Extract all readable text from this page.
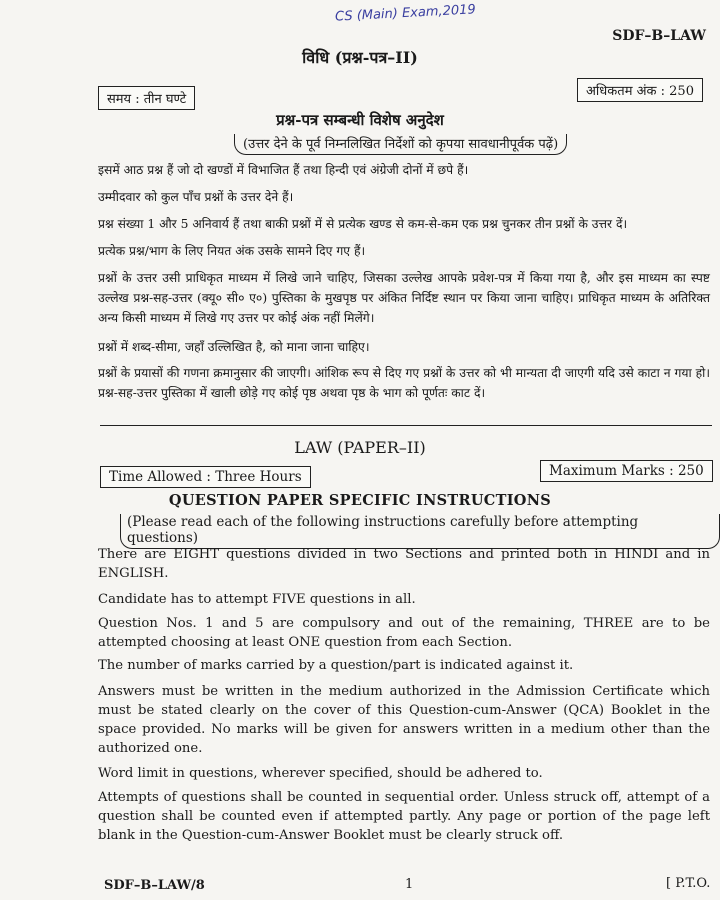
CS (Main) Exam,2019
SDF–B–LAW
विधि (प्रश्न-पत्र–II)
समय : तीन घण्टे
अधिकतम अंक : 250
प्रश्न-पत्र सम्बन्धी विशेष अनुदेश
(उत्तर देने के पूर्व निम्नलिखित निर्देशों को कृपया सावधानीपूर्वक पढ़ें)
इसमें आठ प्रश्न हैं जो दो खण्डों में विभाजित हैं तथा हिन्दी एवं अंग्रेजी दोनों में छपे हैं।
उम्मीदवार को कुल पाँच प्रश्नों के उत्तर देने हैं।
प्रश्न संख्या 1 और 5 अनिवार्य हैं तथा बाकी प्रश्नों में से प्रत्येक खण्ड से कम-से-कम एक प्रश्न चुनकर तीन प्रश्नों के उत्तर दें।
प्रत्येक प्रश्न/भाग के लिए नियत अंक उसके सामने दिए गए हैं।
प्रश्नों के उत्तर उसी प्राधिकृत माध्यम में लिखे जाने चाहिए, जिसका उल्लेख आपके प्रवेश-पत्र में किया गया है, और इस माध्यम का स्पष्ट उल्लेख प्रश्न-सह-उत्तर (क्यू० सी० ए०) पुस्तिका के मुखपृष्ठ पर अंकित निर्दिष्ट स्थान पर किया जाना चाहिए। प्राधिकृत माध्यम के अतिरिक्त अन्य किसी माध्यम में लिखे गए उत्तर पर कोई अंक नहीं मिलेंगे।
प्रश्नों में शब्द-सीमा, जहाँ उल्लिखित है, को माना जाना चाहिए।
प्रश्नों के प्रयासों की गणना क्रमानुसार की जाएगी। आंशिक रूप से दिए गए प्रश्नों के उत्तर को भी मान्यता दी जाएगी यदि उसे काटा न गया हो। प्रश्न-सह-उत्तर पुस्तिका में खाली छोड़े गए कोई पृष्ठ अथवा पृष्ठ के भाग को पूर्णतः काट दें।
LAW (PAPER–II)
Time Allowed : Three Hours	Maximum Marks : 250
QUESTION PAPER SPECIFIC INSTRUCTIONS
(Please read each of the following instructions carefully before attempting questions)
There are EIGHT questions divided in two Sections and printed both in HINDI and in ENGLISH.
Candidate has to attempt FIVE questions in all.
Question Nos. 1 and 5 are compulsory and out of the remaining, THREE are to be attempted choosing at least ONE question from each Section.
The number of marks carried by a question/part is indicated against it.
Answers must be written in the medium authorized in the Admission Certificate which must be stated clearly on the cover of this Question-cum-Answer (QCA) Booklet in the space provided. No marks will be given for answers written in a medium other than the authorized one.
Word limit in questions, wherever specified, should be adhered to.
Attempts of questions shall be counted in sequential order. Unless struck off, attempt of a question shall be counted even if attempted partly. Any page or portion of the page left blank in the Question-cum-Answer Booklet must be clearly struck off.
SDF–B–LAW/8	1	[ P.T.O.
